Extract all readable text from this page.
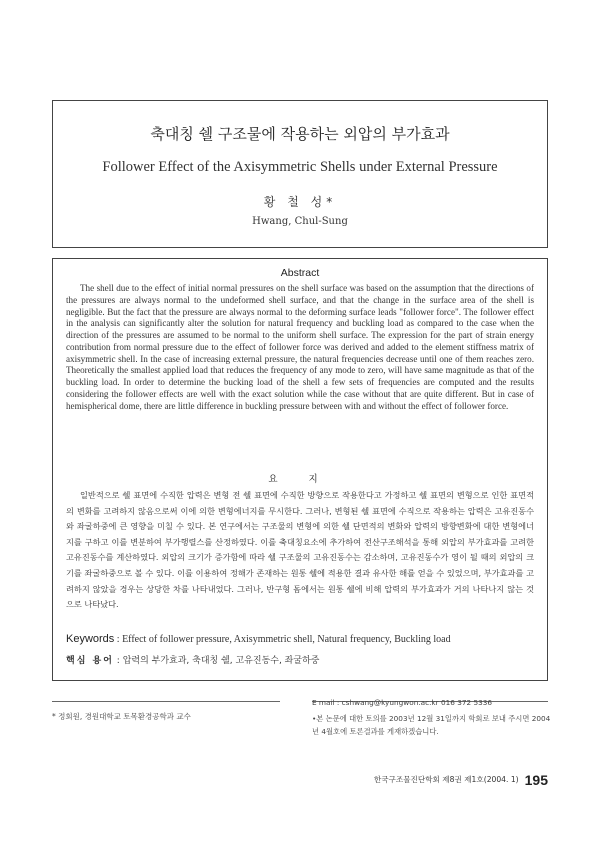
축대칭 쉘 구조물에 작용하는 외압의 부가효과
Follower Effect of the Axisymmetric Shells under External Pressure
황 철 성*
Hwang, Chul-Sung
Abstract

The shell due to the effect of initial normal pressures on the shell surface was based on the assumption that the directions of the pressures are always normal to the undeformed shell surface, and that the change in the surface area of the shell is negligible. But the fact that the pressure are always normal to the deforming surface leads "follower force". The follower effect in the analysis can significantly alter the solution for natural frequency and buckling load as compared to the case when the direction of the pressures are assumed to be normal to the uniform shell surface. The expression for the part of strain energy contribution from normal pressure due to the effect of follower force was derived and added to the element stiffness matrix of axisymmetric shell. In the case of increasing external pressure, the natural frequencies decrease until one of them reaches zero. Theoretically the smallest applied load that reduces the frequency of any mode to zero, will have same magnitude as that of the buckling load. In order to determine the bucking load of the shell a few sets of frequencies are computed and the results considering the follower effects are well with the exact solution while the case without that are quite different. But in case of hemispherical dome, there are little difference in buckling pressure between with and without the effect of follower force.

요 지

일반적으로 쉘 표면에 수직한 압력은 변형 전 쉘 표면에 수직한 방향으로 작용한다고 가정하고 쉘 표면의 변형으로 인한 표면적의 변화를 고려하지 않음으로써 이에 의한 변형에너지를 무시한다. 그러나, 변형된 쉘 표면에 수직으로 작용하는 압력은 고유진동수와 좌굴하중에 큰 영향을 미칠 수 있다. 본 연구에서는 구조물의 변형에 의한 쉘 단면적의 변화와 압력의 방향변화에 대한 변형에너지를 구하고 이를 변분하여 부가행렬스를 산정하였다. 이를 축대칭요소에 추가하여 전산구조해석을 통해 외압의 부가효과를 고려한 고유진동수를 계산하였다. 외압의 크기가 증가함에 따라 쉘 구조물의 고유진동수는 감소하며, 고유진동수가 영이 될 때의 외압의 크기를 좌굴하중으로 볼 수 있다. 이를 이용하여 정해가 존재하는 원통 쉘에 적용한 결과 유사한 해를 얻을 수 있었으며, 부가효과를 고려하지 않았을 경우는 상당한 차를 나타내었다. 그러나, 반구형 돔에서는 원통 쉘에 비해 압력의 부가효과가 거의 나타나지 않는 것으로 나타났다.

Keywords : Effect of follower pressure, Axisymmetric shell, Natural frequency, Buckling load
핵심 용어 : 압력의 부가효과, 축대칭 쉘, 고유진동수, 좌굴하중
* 정회원, 경원대학교 토목환경공학과 교수
E mail : cshwang@kyungwon.ac.kr 016 372 5336

•본 논문에 대한 토의를 2003년 12월 31일까지 학회로 보내 주시면 2004년 4월호에 토론결과를 게재하겠습니다.

한국구조물진단학회 제8권 제1호(2004. 1) 195
